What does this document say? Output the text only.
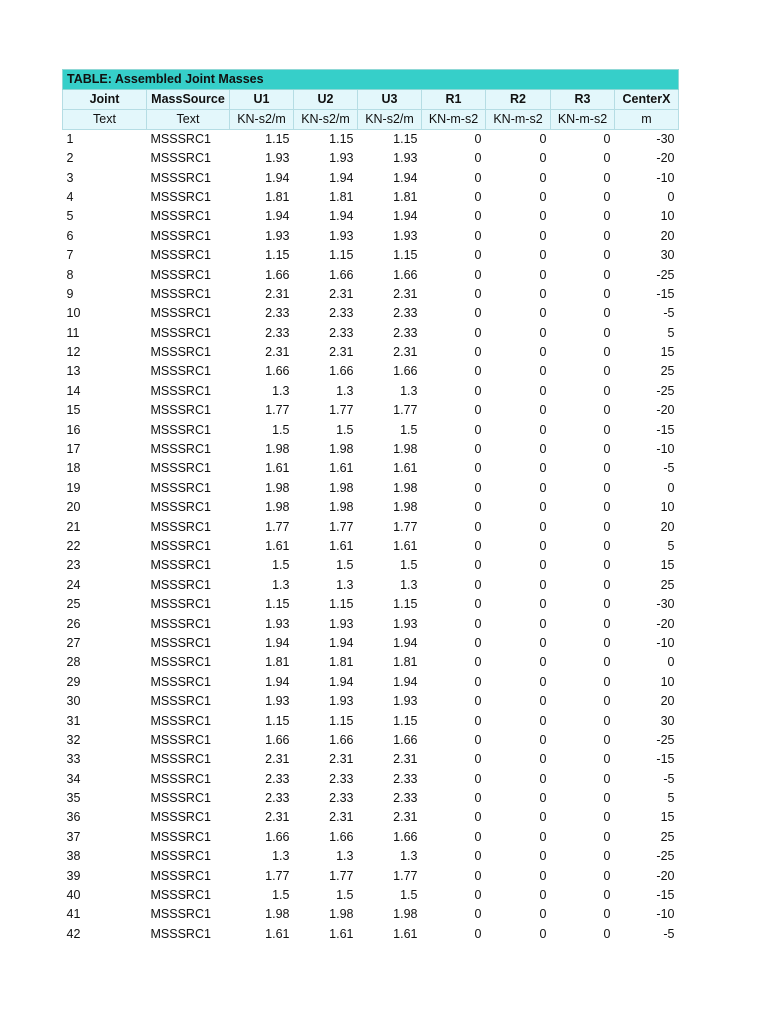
TABLE: Assembled Joint Masses								
Joint	MassSource	U1	U2	U3	R1	R2	R3	CenterX
Text	Text	KN-s2/m	KN-s2/m	KN-s2/m	KN-m-s2	KN-m-s2	KN-m-s2	m
1	MSSSRC1	1.15	1.15	1.15	0	0	0	-30
2	MSSSRC1	1.93	1.93	1.93	0	0	0	-20
3	MSSSRC1	1.94	1.94	1.94	0	0	0	-10
4	MSSSRC1	1.81	1.81	1.81	0	0	0	0
5	MSSSRC1	1.94	1.94	1.94	0	0	0	10
6	MSSSRC1	1.93	1.93	1.93	0	0	0	20
7	MSSSRC1	1.15	1.15	1.15	0	0	0	30
8	MSSSRC1	1.66	1.66	1.66	0	0	0	-25
9	MSSSRC1	2.31	2.31	2.31	0	0	0	-15
10	MSSSRC1	2.33	2.33	2.33	0	0	0	-5
11	MSSSRC1	2.33	2.33	2.33	0	0	0	5
12	MSSSRC1	2.31	2.31	2.31	0	0	0	15
13	MSSSRC1	1.66	1.66	1.66	0	0	0	25
14	MSSSRC1	1.3	1.3	1.3	0	0	0	-25
15	MSSSRC1	1.77	1.77	1.77	0	0	0	-20
16	MSSSRC1	1.5	1.5	1.5	0	0	0	-15
17	MSSSRC1	1.98	1.98	1.98	0	0	0	-10
18	MSSSRC1	1.61	1.61	1.61	0	0	0	-5
19	MSSSRC1	1.98	1.98	1.98	0	0	0	0
20	MSSSRC1	1.98	1.98	1.98	0	0	0	10
21	MSSSRC1	1.77	1.77	1.77	0	0	0	20
22	MSSSRC1	1.61	1.61	1.61	0	0	0	5
23	MSSSRC1	1.5	1.5	1.5	0	0	0	15
24	MSSSRC1	1.3	1.3	1.3	0	0	0	25
25	MSSSRC1	1.15	1.15	1.15	0	0	0	-30
26	MSSSRC1	1.93	1.93	1.93	0	0	0	-20
27	MSSSRC1	1.94	1.94	1.94	0	0	0	-10
28	MSSSRC1	1.81	1.81	1.81	0	0	0	0
29	MSSSRC1	1.94	1.94	1.94	0	0	0	10
30	MSSSRC1	1.93	1.93	1.93	0	0	0	20
31	MSSSRC1	1.15	1.15	1.15	0	0	0	30
32	MSSSRC1	1.66	1.66	1.66	0	0	0	-25
33	MSSSRC1	2.31	2.31	2.31	0	0	0	-15
34	MSSSRC1	2.33	2.33	2.33	0	0	0	-5
35	MSSSRC1	2.33	2.33	2.33	0	0	0	5
36	MSSSRC1	2.31	2.31	2.31	0	0	0	15
37	MSSSRC1	1.66	1.66	1.66	0	0	0	25
38	MSSSRC1	1.3	1.3	1.3	0	0	0	-25
39	MSSSRC1	1.77	1.77	1.77	0	0	0	-20
40	MSSSRC1	1.5	1.5	1.5	0	0	0	-15
41	MSSSRC1	1.98	1.98	1.98	0	0	0	-10
42	MSSSRC1	1.61	1.61	1.61	0	0	0	-5
